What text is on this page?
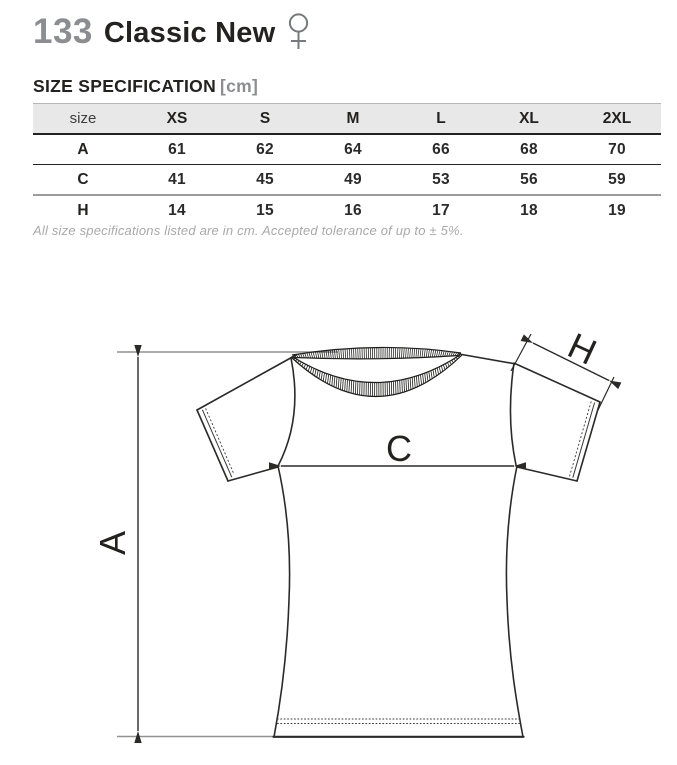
133 Classic New
SIZE SPECIFICATION [cm]
size	XS	S	M	L	XL	2XL
A	61	62	64	66	68	70
C	41	45	49	53	56	59
H	14	15	16	17	18	19
All size specifications listed are in cm. Accepted tolerance of up to ± 5%.
A
C
H
